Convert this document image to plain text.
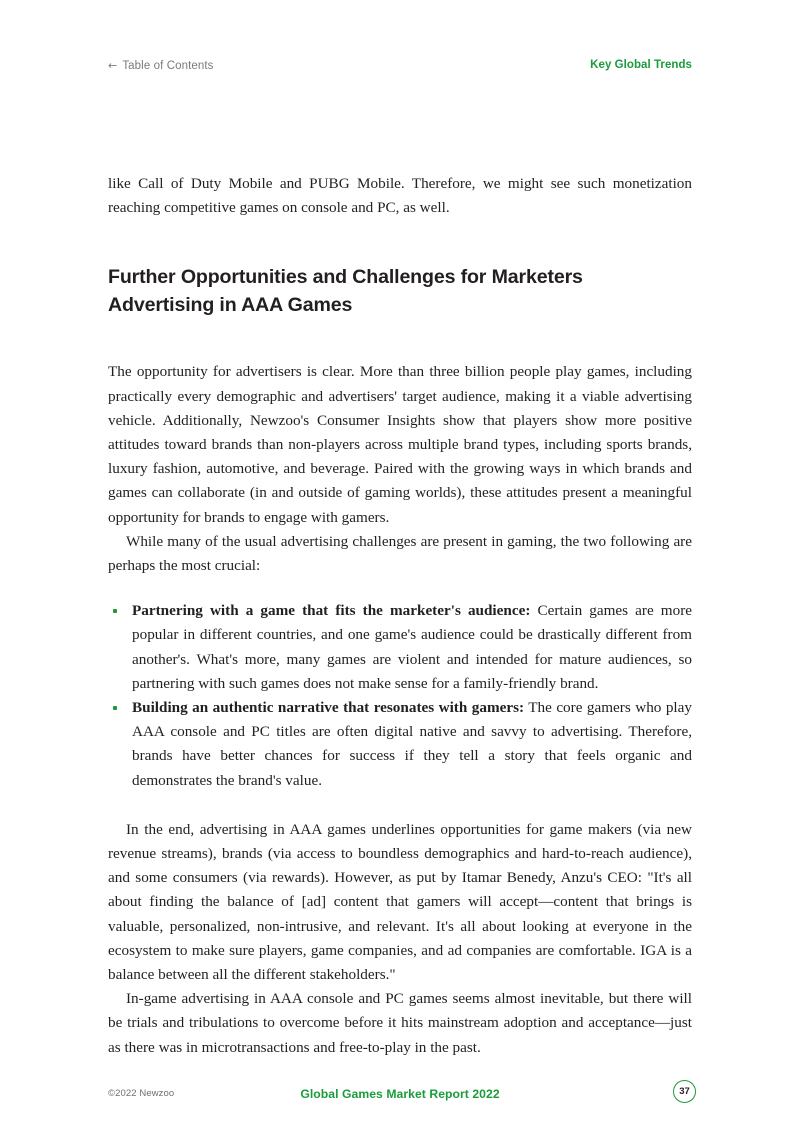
← Table of Contents	Key Global Trends

like Call of Duty Mobile and PUBG Mobile. Therefore, we might see such monetization reaching competitive games on console and PC, as well.

Further Opportunities and Challenges for Marketers Advertising in AAA Games

The opportunity for advertisers is clear. More than three billion people play games, including practically every demographic and advertisers' target audience, making it a viable advertising vehicle. Additionally, Newzoo's Consumer Insights show that players show more positive attitudes toward brands than non-players across multiple brand types, including sports brands, luxury fashion, automotive, and beverage. Paired with the growing ways in which brands and games can collaborate (in and outside of gaming worlds), these attitudes present a meaningful opportunity for brands to engage with gamers.

While many of the usual advertising challenges are present in gaming, the two following are perhaps the most crucial:

Partnering with a game that fits the marketer's audience: Certain games are more popular in different countries, and one game's audience could be drastically different from another's. What's more, many games are violent and intended for mature audiences, so partnering with such games does not make sense for a family-friendly brand.
Building an authentic narrative that resonates with gamers: The core gamers who play AAA console and PC titles are often digital native and savvy to advertising. Therefore, brands have better chances for success if they tell a story that feels organic and demonstrates the brand's value.

In the end, advertising in AAA games underlines opportunities for game makers (via new revenue streams), brands (via access to boundless demographics and hard-to-reach audience), and some consumers (via rewards). However, as put by Itamar Benedy, Anzu's CEO: "It's all about finding the balance of [ad] content that gamers will accept—content that brings is valuable, personalized, non-intrusive, and relevant. It's all about looking at everyone in the ecosystem to make sure players, game companies, and ad companies are comfortable. IGA is a balance between all the different stakeholders."

In-game advertising in AAA console and PC games seems almost inevitable, but there will be trials and tribulations to overcome before it hits mainstream adoption and acceptance—just as there was in microtransactions and free-to-play in the past.

©2022 Newzoo	Global Games Market Report 2022	37
